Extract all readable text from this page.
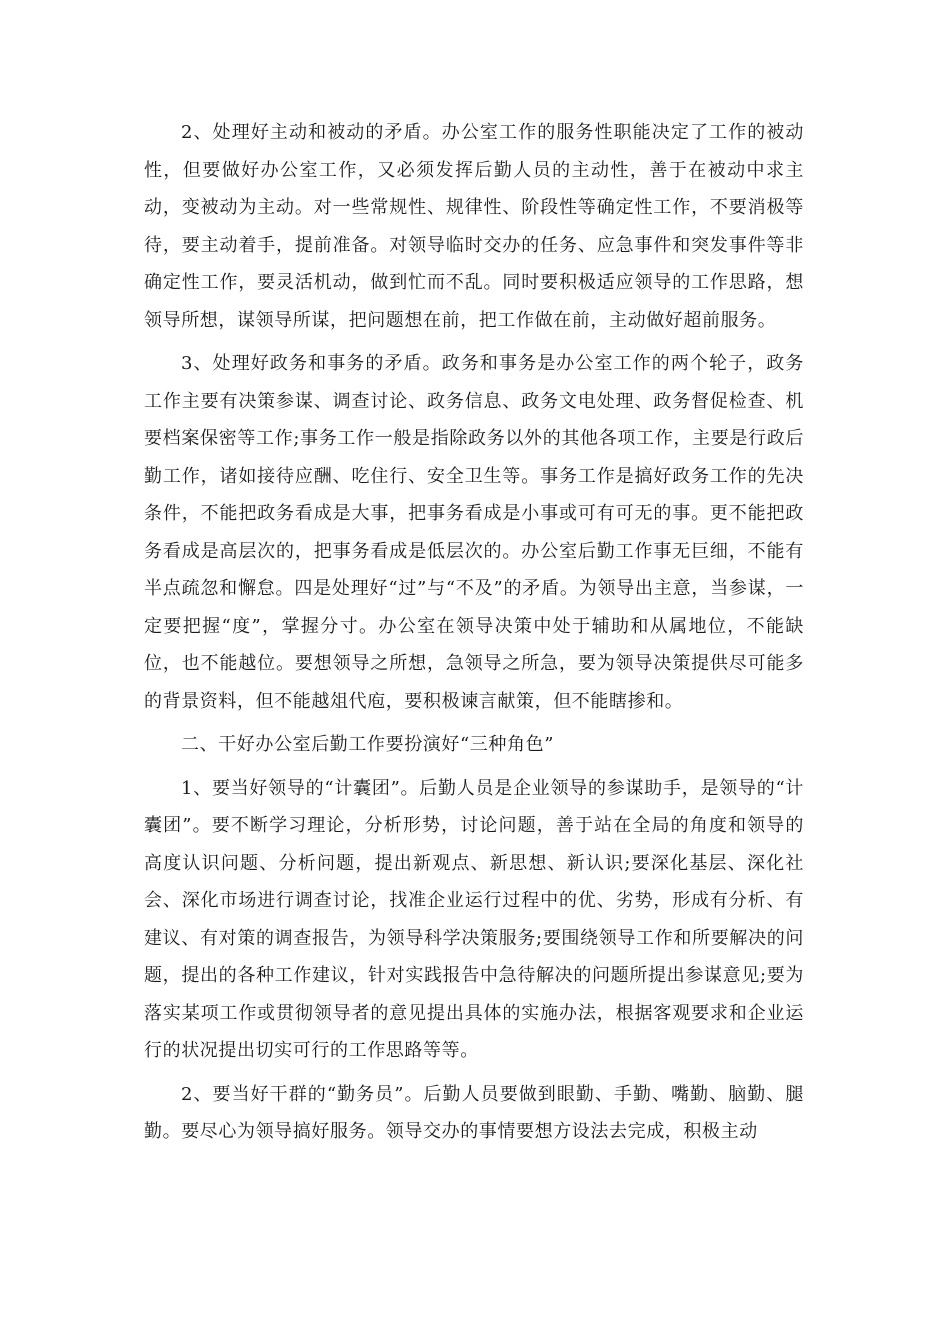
2、处理好主动和被动的矛盾。办公室工作的服务性职能决定了工作的被动性，但要做好办公室工作，又必须发挥后勤人员的主动性，善于在被动中求主动，变被动为主动。对一些常规性、规律性、阶段性等确定性工作，不要消极等待，要主动着手，提前准备。对领导临时交办的任务、应急事件和突发事件等非确定性工作，要灵活机动，做到忙而不乱。同时要积极适应领导的工作思路，想领导所想，谋领导所谋，把问题想在前，把工作做在前，主动做好超前服务。

3、处理好政务和事务的矛盾。政务和事务是办公室工作的两个轮子，政务工作主要有决策参谋、调查讨论、政务信息、政务文电处理、政务督促检查、机要档案保密等工作;事务工作一般是指除政务以外的其他各项工作，主要是行政后勤工作，诸如接待应酬、吃住行、安全卫生等。事务工作是搞好政务工作的先决条件，不能把政务看成是大事，把事务看成是小事或可有可无的事。更不能把政务看成是高层次的，把事务看成是低层次的。办公室后勤工作事无巨细，不能有半点疏忽和懈怠。四是处理好“过”与“不及”的矛盾。为领导出主意，当参谋，一定要把握“度”，掌握分寸。办公室在领导决策中处于辅助和从属地位，不能缺位，也不能越位。要想领导之所想，急领导之所急，要为领导决策提供尽可能多的背景资料，但不能越俎代庖，要积极谏言献策，但不能瞎掺和。

二、干好办公室后勤工作要扮演好“三种角色”

1、要当好领导的“计囊团”。后勤人员是企业领导的参谋助手，是领导的“计囊团”。要不断学习理论，分析形势，讨论问题，善于站在全局的角度和领导的高度认识问题、分析问题，提出新观点、新思想、新认识;要深化基层、深化社会、深化市场进行调查讨论，找准企业运行过程中的优、劣势，形成有分析、有建议、有对策的调查报告，为领导科学决策服务;要围绕领导工作和所要解决的问题，提出的各种工作建议，针对实践报告中急待解决的问题所提出参谋意见;要为落实某项工作或贯彻领导者的意见提出具体的实施办法，根据客观要求和企业运行的状况提出切实可行的工作思路等等。

2、要当好干群的“勤务员”。后勤人员要做到眼勤、手勤、嘴勤、脑勤、腿勤。要尽心为领导搞好服务。领导交办的事情要想方设法去完成，积极主动
